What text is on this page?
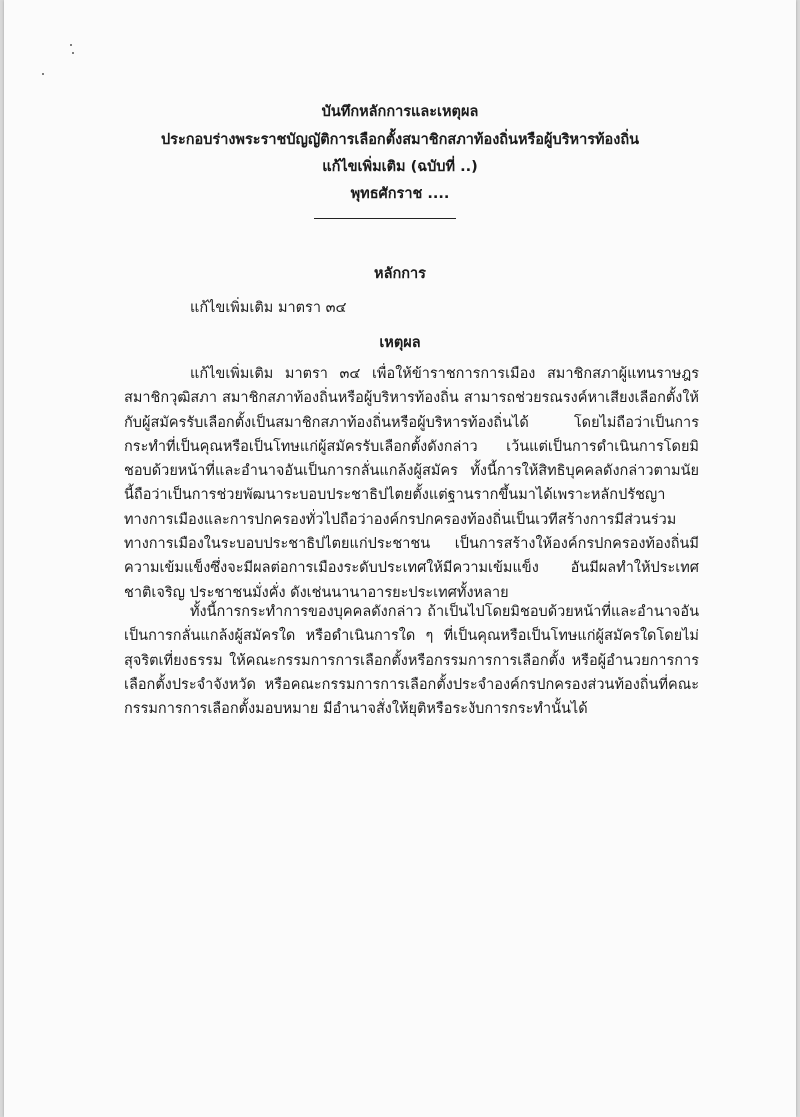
บันทึกหลักการและเหตุผล
ประกอบร่างพระราชบัญญัติการเลือกตั้งสมาชิกสภาท้องถิ่นหรือผู้บริหารท้องถิ่น
แก้ไขเพิ่มเติม (ฉบับที่ ..)
พุทธศักราช ....
หลักการ
แก้ไขเพิ่มเติม มาตรา ๓๔
เหตุผล

แก้ไขเพิ่มเติม มาตรา ๓๔ เพื่อให้ข้าราชการการเมือง สมาชิกสภาผู้แทนราษฎร สมาชิกวุฒิสภา สมาชิกสภาท้องถิ่นหรือผู้บริหารท้องถิ่น สามารถช่วยรณรงค์หาเสียงเลือกตั้งให้กับผู้สมัครรับเลือกตั้งเป็นสมาชิกสภาท้องถิ่นหรือผู้บริหารท้องถิ่นได้ โดยไม่ถือว่าเป็นการกระทำที่เป็นคุณหรือเป็นโทษแก่ผู้สมัครรับเลือกตั้งดังกล่าว เว้นแต่เป็นการดำเนินการโดยมิชอบด้วยหน้าที่และอำนาจอันเป็นการกลั่นแกล้งผู้สมัคร ทั้งนี้การให้สิทธิบุคคลดังกล่าวตามนัยนี้ถือว่าเป็นการช่วยพัฒนาระบอบประชาธิปไตยตั้งแต่ฐานรากขึ้นมาได้เพราะหลักปรัชญาทางการเมืองและการปกครองทั่วไปถือว่าองค์กรปกครองท้องถิ่นเป็นเวทีสร้างการมีส่วนร่วมทางการเมืองในระบอบประชาธิปไตยแก่ประชาชน เป็นการสร้างให้องค์กรปกครองท้องถิ่นมีความเข้มแข็งซึ่งจะมีผลต่อการเมืองระดับประเทศให้มีความเข้มแข็ง อันมีผลทำให้ประเทศชาติเจริญ ประชาชนมั่งคั่ง ดังเช่นนานาอารยะประเทศทั้งหลาย

ทั้งนี้การกระทำการของบุคคลดังกล่าว ถ้าเป็นไปโดยมิชอบด้วยหน้าที่และอำนาจอันเป็นการกลั่นแกล้งผู้สมัครใด หรือดำเนินการใด ๆ ที่เป็นคุณหรือเป็นโทษแก่ผู้สมัครใดโดยไม่สุจริตเที่ยงธรรม ให้คณะกรรมการการเลือกตั้งหรือกรรมการการเลือกตั้ง หรือผู้อำนวยการการเลือกตั้งประจำจังหวัด หรือคณะกรรมการการเลือกตั้งประจำองค์กรปกครองส่วนท้องถิ่นที่คณะกรรมการการเลือกตั้งมอบหมาย มีอำนาจสั่งให้ยุติหรือระงับการกระทำนั้นได้
